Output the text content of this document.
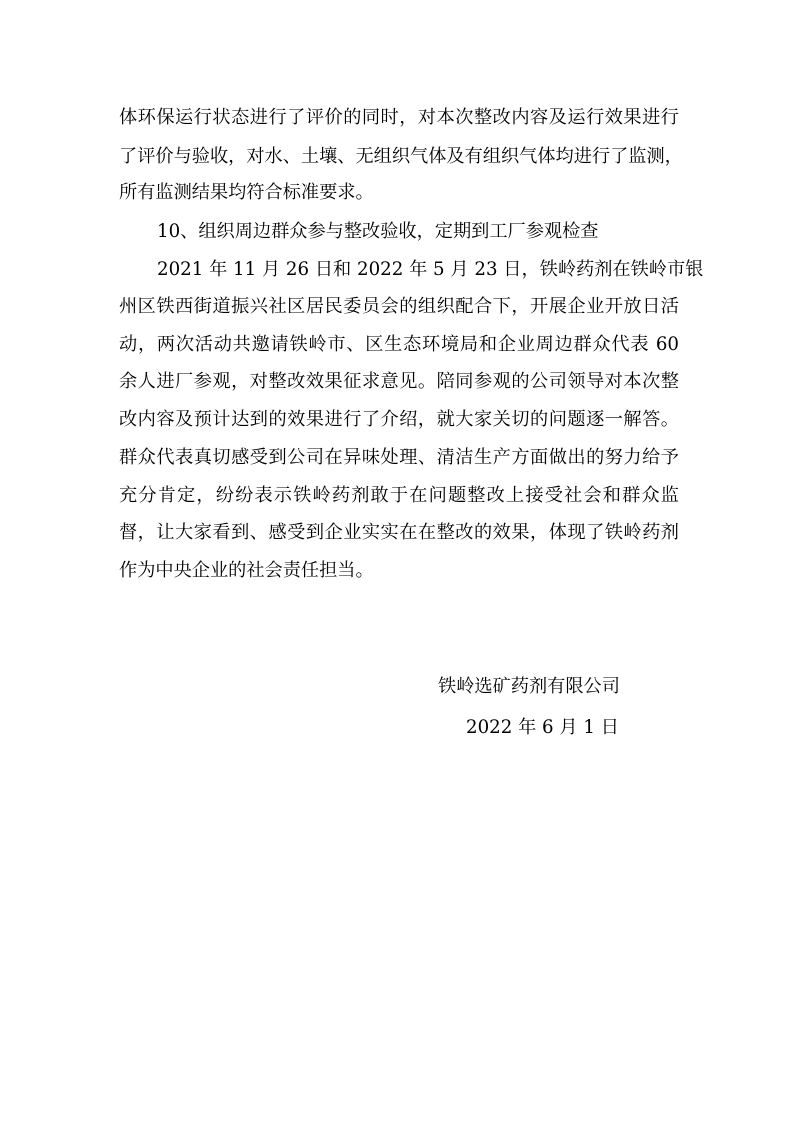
体环保运行状态进行了评价的同时，对本次整改内容及运行效果进行
了评价与验收，对水、土壤、无组织气体及有组织气体均进行了监测，
所有监测结果均符合标准要求。
10、组织周边群众参与整改验收，定期到工厂参观检查
2021 年 11 月 26 日和 2022 年 5 月 23 日，铁岭药剂在铁岭市银
州区铁西街道振兴社区居民委员会的组织配合下，开展企业开放日活
动，两次活动共邀请铁岭市、区生态环境局和企业周边群众代表 60
余人进厂参观，对整改效果征求意见。陪同参观的公司领导对本次整
改内容及预计达到的效果进行了介绍，就大家关切的问题逐一解答。
群众代表真切感受到公司在异味处理、清洁生产方面做出的努力给予
充分肯定，纷纷表示铁岭药剂敢于在问题整改上接受社会和群众监
督，让大家看到、感受到企业实实在在整改的效果，体现了铁岭药剂
作为中央企业的社会责任担当。
铁岭选矿药剂有限公司
2022 年 6 月 1 日
